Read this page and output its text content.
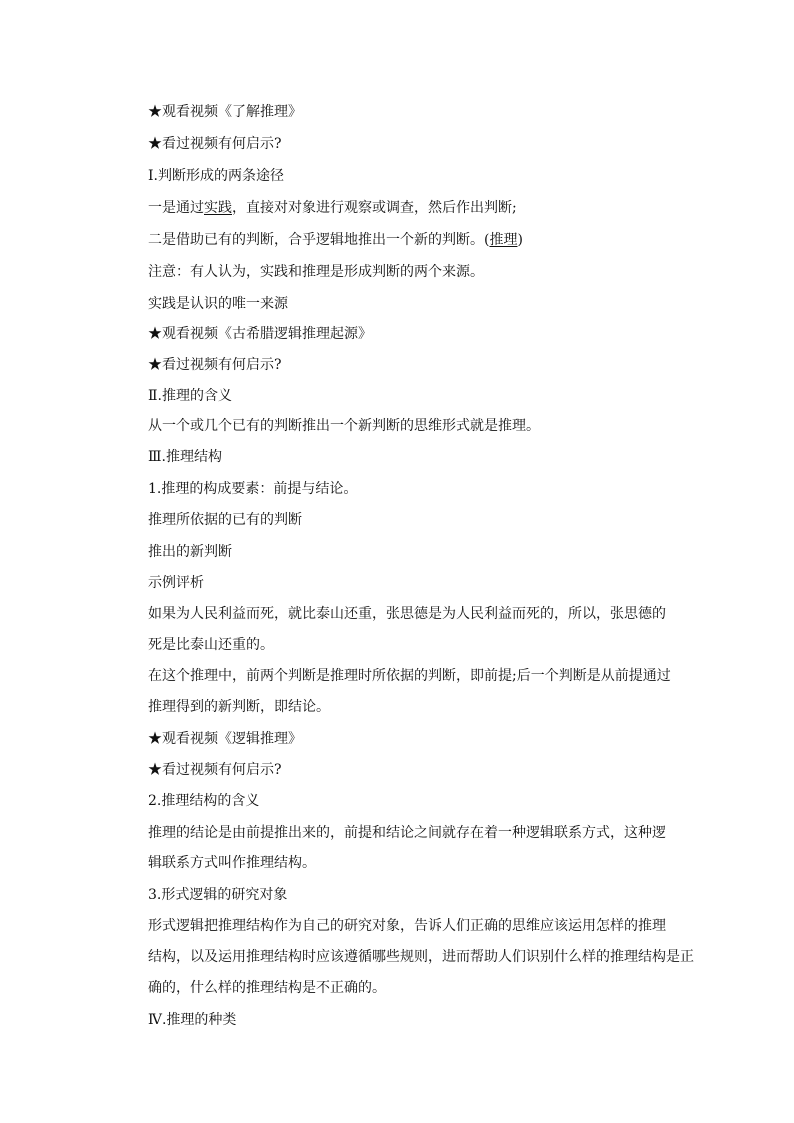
★观看视频《了解推理》
★看过视频有何启示?
Ⅰ.判断形成的两条途径
一是通过实践，直接对对象进行观察或调查，然后作出判断;
二是借助已有的判断，合乎逻辑地推出一个新的判断。(推理)
注意：有人认为，实践和推理是形成判断的两个来源。
实践是认识的唯一来源
★观看视频《古希腊逻辑推理起源》
★看过视频有何启示?
Ⅱ.推理的含义
从一个或几个已有的判断推出一个新判断的思维形式就是推理。
Ⅲ.推理结构
1.推理的构成要素：前提与结论。
推理所依据的已有的判断
推出的新判断
示例评析
如果为人民利益而死，就比泰山还重，张思德是为人民利益而死的，所以，张思德的
死是比泰山还重的。
在这个推理中，前两个判断是推理时所依据的判断，即前提;后一个判断是从前提通过
推理得到的新判断，即结论。
★观看视频《逻辑推理》
★看过视频有何启示?
2.推理结构的含义
推理的结论是由前提推出来的，前提和结论之间就存在着一种逻辑联系方式，这种逻
辑联系方式叫作推理结构。
3.形式逻辑的研究对象
形式逻辑把推理结构作为自己的研究对象，告诉人们正确的思维应该运用怎样的推理
结构，以及运用推理结构时应该遵循哪些规则，进而帮助人们识别什么样的推理结构是正
确的，什么样的推理结构是不正确的。
Ⅳ.推理的种类
